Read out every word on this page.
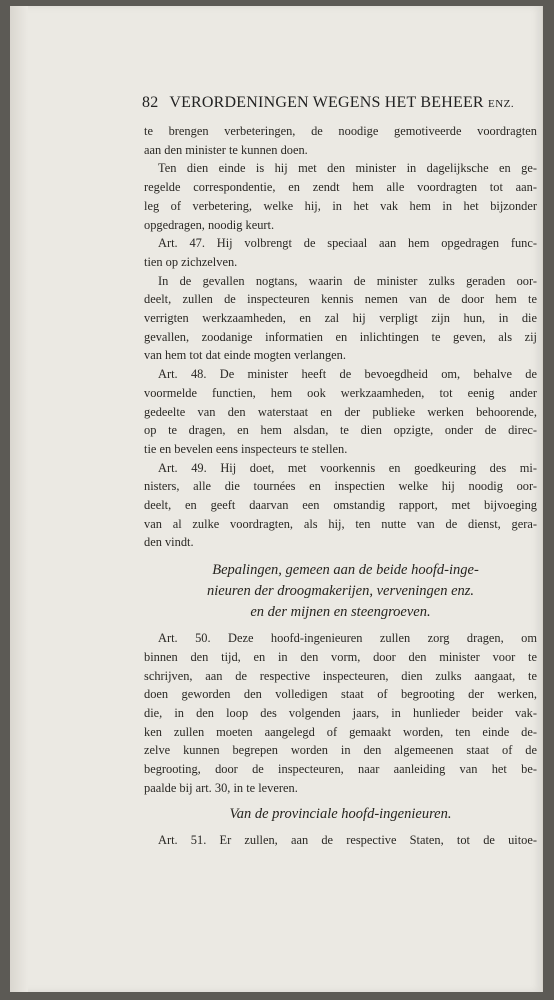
82 VERORDENINGEN WEGENS HET BEHEER ENZ.
te brengen verbeteringen, de noodige gemotiveerde voordragten
aan den minister te kunnen doen.
Ten dien einde is hij met den minister in dagelijksche en ge-
regelde correspondentie, en zendt hem alle voordragten tot aan-
leg of verbetering, welke hij, in het vak hem in het bijzonder
opgedragen, noodig keurt.
Art. 47. Hij volbrengt de speciaal aan hem opgedragen func-
tien op zichzelven.
In de gevallen nogtans, waarin de minister zulks geraden oor-
deelt, zullen de inspecteuren kennis nemen van de door hem te
verrigten werkzaamheden, en zal hij verpligt zijn hun, in die
gevallen, zoodanige informatien en inlichtingen te geven, als zij
van hem tot dat einde mogten verlangen.
Art. 48. De minister heeft de bevoegdheid om, behalve de
voormelde functien, hem ook werkzaamheden, tot eenig ander
gedeelte van den waterstaat en der publieke werken behoorende,
op te dragen, en hem alsdan, te dien opzigte, onder de direc-
tie en bevelen eens inspecteurs te stellen.
Art. 49. Hij doet, met voorkennis en goedkeuring des mi-
nisters, alle die tournées en inspectien welke hij noodig oor-
deelt, en geeft daarvan een omstandig rapport, met bijvoeging
van al zulke voordragten, als hij, ten nutte van de dienst, gera-
den vindt.
Bepalingen, gemeen aan de beide hoofd-inge-
nieuren der droogmakerijen, verveningen enz.
en der mijnen en steengroeven.
Art. 50. Deze hoofd-ingenieuren zullen zorg dragen, om
binnen den tijd, en in den vorm, door den minister voor te
schrijven, aan de respective inspecteuren, dien zulks aangaat, te
doen geworden den volledigen staat of begrooting der werken,
die, in den loop des volgenden jaars, in hunlieder beider vak-
ken zullen moeten aangelegd of gemaakt worden, ten einde de-
zelve kunnen begrepen worden in den algemeenen staat of de
begrooting, door de inspecteuren, naar aanleiding van het be-
paalde bij art. 30, in te leveren.
Van de provinciale hoofd-ingenieuren.
Art. 51. Er zullen, aan de respective Staten, tot de uitoe-
